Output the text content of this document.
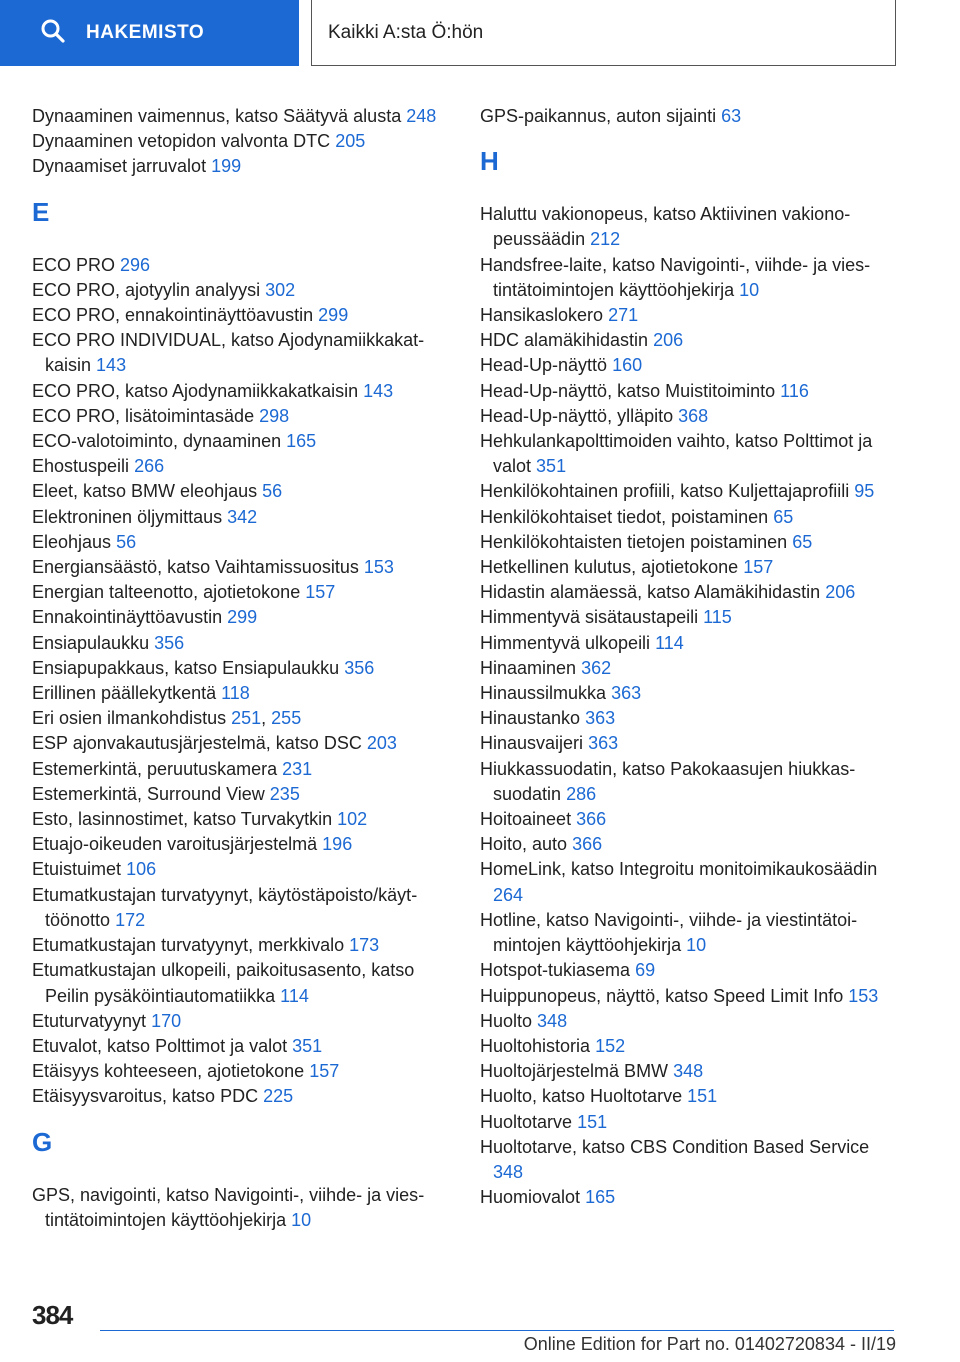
HAKEMISTO	Kaikki A:sta Ö:hön
Dynaaminen vaimennus, katso Säätyvä alusta 248
Dynaaminen vetopidon valvonta DTC 205
Dynaamiset jarruvalot 199
E
ECO PRO 296
ECO PRO, ajotyylin analyysi 302
ECO PRO, ennakointinäyttöavustin 299
ECO PRO INDIVIDUAL, katso Ajodynamiikkakatkaisin 143
ECO PRO, katso Ajodynamiikkakatkaisin 143
ECO PRO, lisätoimintasäde 298
ECO-valotoiminto, dynaaminen 165
Ehostuspeili 266
Eleet, katso BMW eleohjaus 56
Elektroninen öljymittaus 342
Eleohjaus 56
Energiansäästö, katso Vaihtamissuositus 153
Energian talteenotto, ajotietokone 157
Ennakointinäyttöavustin 299
Ensiapulaukku 356
Ensiapupakkaus, katso Ensiapulaukku 356
Erillinen päällekytkentä 118
Eri osien ilmankohdistus 251, 255
ESP ajonvakautusjärjestelmä, katso DSC 203
Estemerkintä, peruutuskamera 231
Estemerkintä, Surround View 235
Esto, lasinnostimet, katso Turvakytkin 102
Etuajo-oikeuden varoitusjärjestelmä 196
Etuistuimet 106
Etumatkustajan turvatyynyt, käytöstäpoisto/käyttöönotto 172
Etumatkustajan turvatyynyt, merkkivalo 173
Etumatkustajan ulkopeili, paikoitusasento, katso Peilin pysäköintiautomatiikka 114
Etuturvatyynyt 170
Etuvalot, katso Polttimot ja valot 351
Etäisyys kohteeseen, ajotietokone 157
Etäisyysvaroitus, katso PDC 225
G
GPS, navigointi, katso Navigointi-, viihde- ja viestintätoimintojen käyttöohjekirja 10
GPS-paikannus, auton sijainti 63
H
Haluttu vakionopeus, katso Aktiivinen vakionopeussäädin 212
Handsfree-laite, katso Navigointi-, viihde- ja viestintätoimintojen käyttöohjekirja 10
Hansikaslokero 271
HDC alamäkihidastin 206
Head-Up-näyttö 160
Head-Up-näyttö, katso Muistitoiminto 116
Head-Up-näyttö, ylläpito 368
Hehkulankapolttimoiden vaihto, katso Polttimot ja valot 351
Henkilökohtainen profiili, katso Kuljettajaprofiili 95
Henkilökohtaiset tiedot, poistaminen 65
Henkilökohtaisten tietojen poistaminen 65
Hetkellinen kulutus, ajotietokone 157
Hidastin alamäessä, katso Alamäkihidastin 206
Himmentyvä sisätaustapeili 115
Himmentyvä ulkopeili 114
Hinaaminen 362
Hinaussilmukka 363
Hinaustanko 363
Hinausvaijeri 363
Hiukkassuodatin, katso Pakokaasujen hiukkassuodatin 286
Hoitoaineet 366
Hoito, auto 366
HomeLink, katso Integroitu monitoimikaukosäädin 264
Hotline, katso Navigointi-, viihde- ja viestintätoimintojen käyttöohjekirja 10
Hotspot-tukiasema 69
Huippunopeus, näyttö, katso Speed Limit Info 153
Huolto 348
Huoltohistoria 152
Huoltojärjestelmä BMW 348
Huolto, katso Huoltotarve 151
Huoltotarve 151
Huoltotarve, katso CBS Condition Based Service 348
Huomiovalot 165
384
Online Edition for Part no. 01402720834 - II/19
